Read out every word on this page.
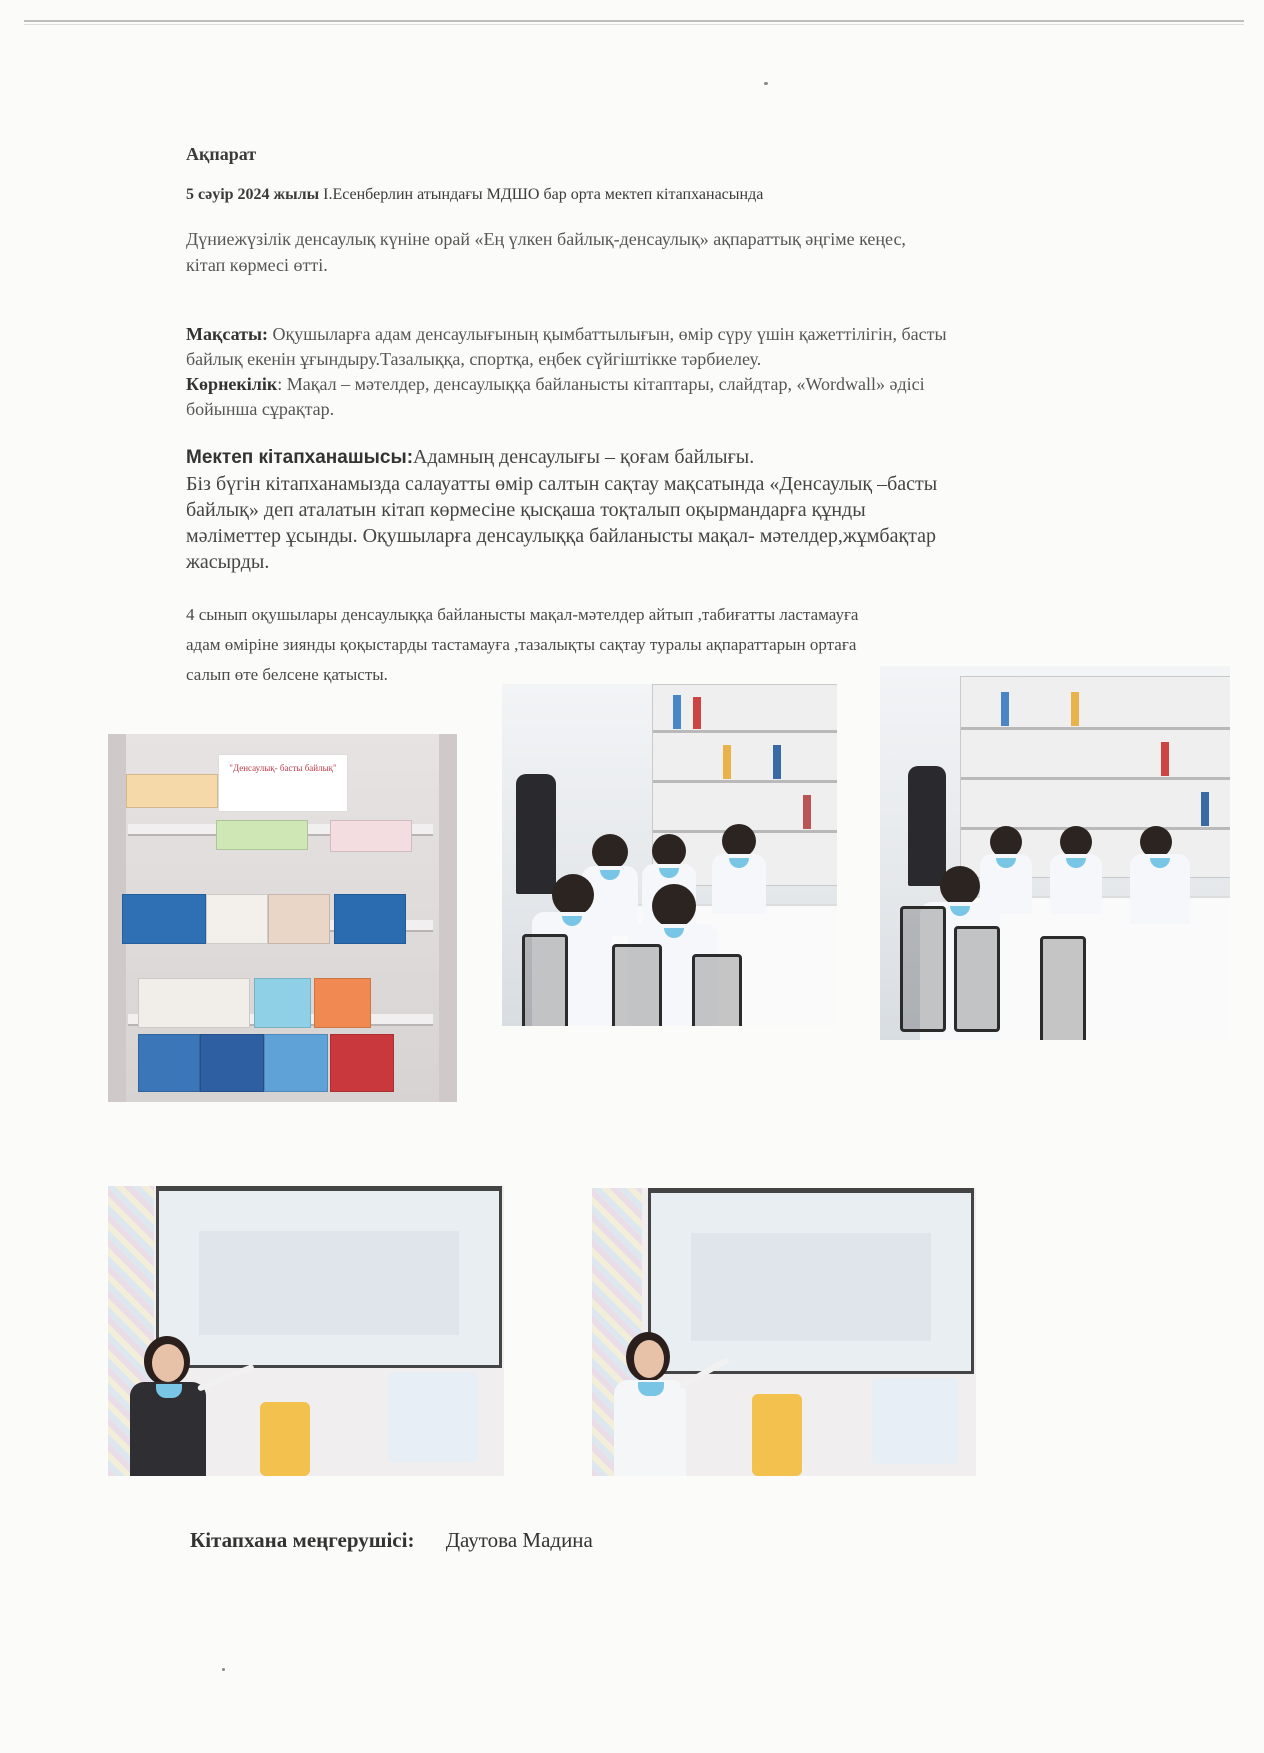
Ақпарат
5 сәуір 2024 жылы І.Есенберлин атындағы МДШО бар орта мектеп кітапханасында
Дүниежүзілік денсаулық күніне орай «Ең үлкен байлық-денсаулық» ақпараттық әңгіме кеңес,
кітап көрмесі өтті.
Мақсаты: Оқушыларға адам денсаулығының қымбаттылығын, өмір сүру үшін қажеттілігін, басты
байлық екенін ұғындыру.Тазалыққа, спортқа, еңбек сүйгіштікке тәрбиелеу.
Көрнекілік: Мақал – мәтелдер, денсаулыққа байланысты кітаптары, слайдтар, «Wordwall» әдісі
бойынша сұрақтар.
Мектеп кітапханашысы:Адамның денсаулығы – қоғам байлығы.
Біз бүгін кітапханамызда салауатты өмір салтын сақтау мақсатында «Денсаулық –басты
байлық» деп аталатын кітап көрмесіне қысқаша тоқталып оқырмандарға құнды
мәліметтер ұсынды. Оқушыларға денсаулыққа байланысты мақал- мәтелдер,жұмбақтар
жасырды.
4 сынып оқушылары денсаулыққа байланысты мақал-мәтелдер айтып ,табиғатты ластамауға
адам өміріне зиянды қоқыстарды тастамауға ,тазалықты сақтау туралы ақпараттарын ортаға
салып өте белсене қатысты.
"Денсаулық- басты байлық"
Кітапхана меңгерушісі: Даутова Мадина
